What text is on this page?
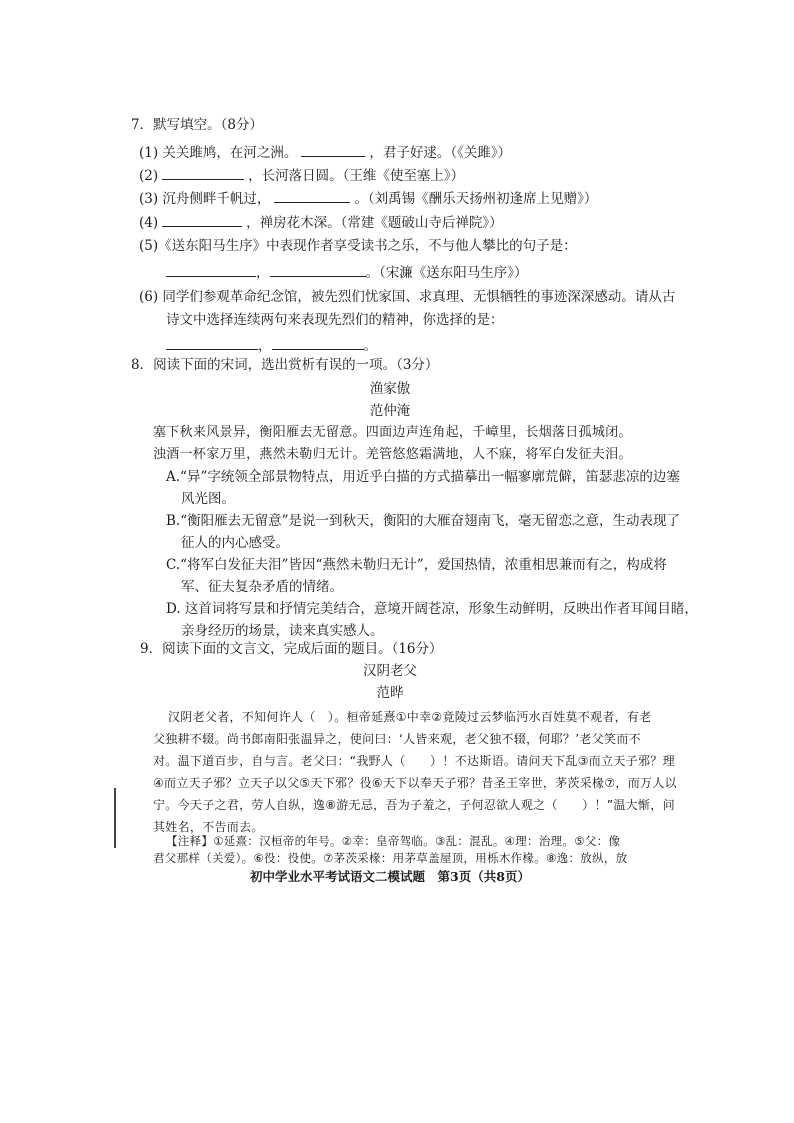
7．默写填空。（8分）
(1) 关关雎鸠，在河之洲。	，君子好逑。（《关雎》）
(2)	，长河落日圆。（王维《使至塞上》）
(3) 沉舟侧畔千帆过，	。（刘禹锡《酬乐天扬州初逢席上见赠》）
(4)	，禅房花木深。（常建《题破山寺后禅院》）
(5)《送东阳马生序》中表现作者享受读书之乐，不与他人攀比的句子是：
，	。（宋濂《送东阳马生序》）
(6) 同学们参观革命纪念馆，被先烈们忧家国、求真理、无惧牺牲的事迹深深感动。请从古
诗文中选择连续两句来表现先烈们的精神，你选择的是：
，	。
8．阅读下面的宋词，选出赏析有误的一项。（3分）
渔家傲
范仲淹
塞下秋来风景异，衡阳雁去无留意。四面边声连角起，千嶂里，长烟落日孤城闭。
浊酒一杯家万里，燕然未勒归无计。羌管悠悠霜满地，人不寐，将军白发征夫泪。
A.“异”字统领全部景物特点，用近乎白描的方式描摹出一幅寥廓荒僻，笛瑟悲凉的边塞
风光图。
B.“衡阳雁去无留意”是说一到秋天，衡阳的大雁奋翅南飞，毫无留恋之意，生动表现了
征人的内心感受。
C.“将军白发征夫泪”皆因“燕然未勒归无计”，爱国热情，浓重相思兼而有之，构成将
军、征夫复杂矛盾的情绪。
D. 这首词将写景和抒情完美结合，意境开阔苍凉，形象生动鲜明，反映出作者耳闻目睹，
亲身经历的场景，读来真实感人。
9．阅读下面的文言文，完成后面的题目。（16分）
汉阴老父
范晔
汉阴老父者，不知何许人（　）。桓帝延熹①中幸②竟陵过云梦临沔水百姓莫不观者，有老
父独耕不辍。尚书郎南阳张温异之，使问曰：‘人皆来观，老父独不辍，何耶？’老父笑而不
对。温下道百步，自与言。老父曰：“我野人（　　）！不达斯语。请问天下乱③而立天子邪？理
④而立天子邪？立天子以父⑤天下邪？役⑥天下以奉天子邪？昔圣王宰世，茅茨采椽⑦，而万人以
宁。今天子之君，劳人自纵，逸⑧游无忌，吾为子羞之，子何忍欲人观之（　　）！”温大惭，问
其姓名，不告而去。
【注释】①延熹：汉桓帝的年号。②幸：皇帝驾临。③乱：混乱。④理：治理。⑤父：像
君父那样（关爱）。⑥役：役使。⑦茅茨采椽：用茅草盖屋顶，用栎木作椽。⑧逸：放纵，放
初中学业水平考试语文二模试题　第3页（共8页）
